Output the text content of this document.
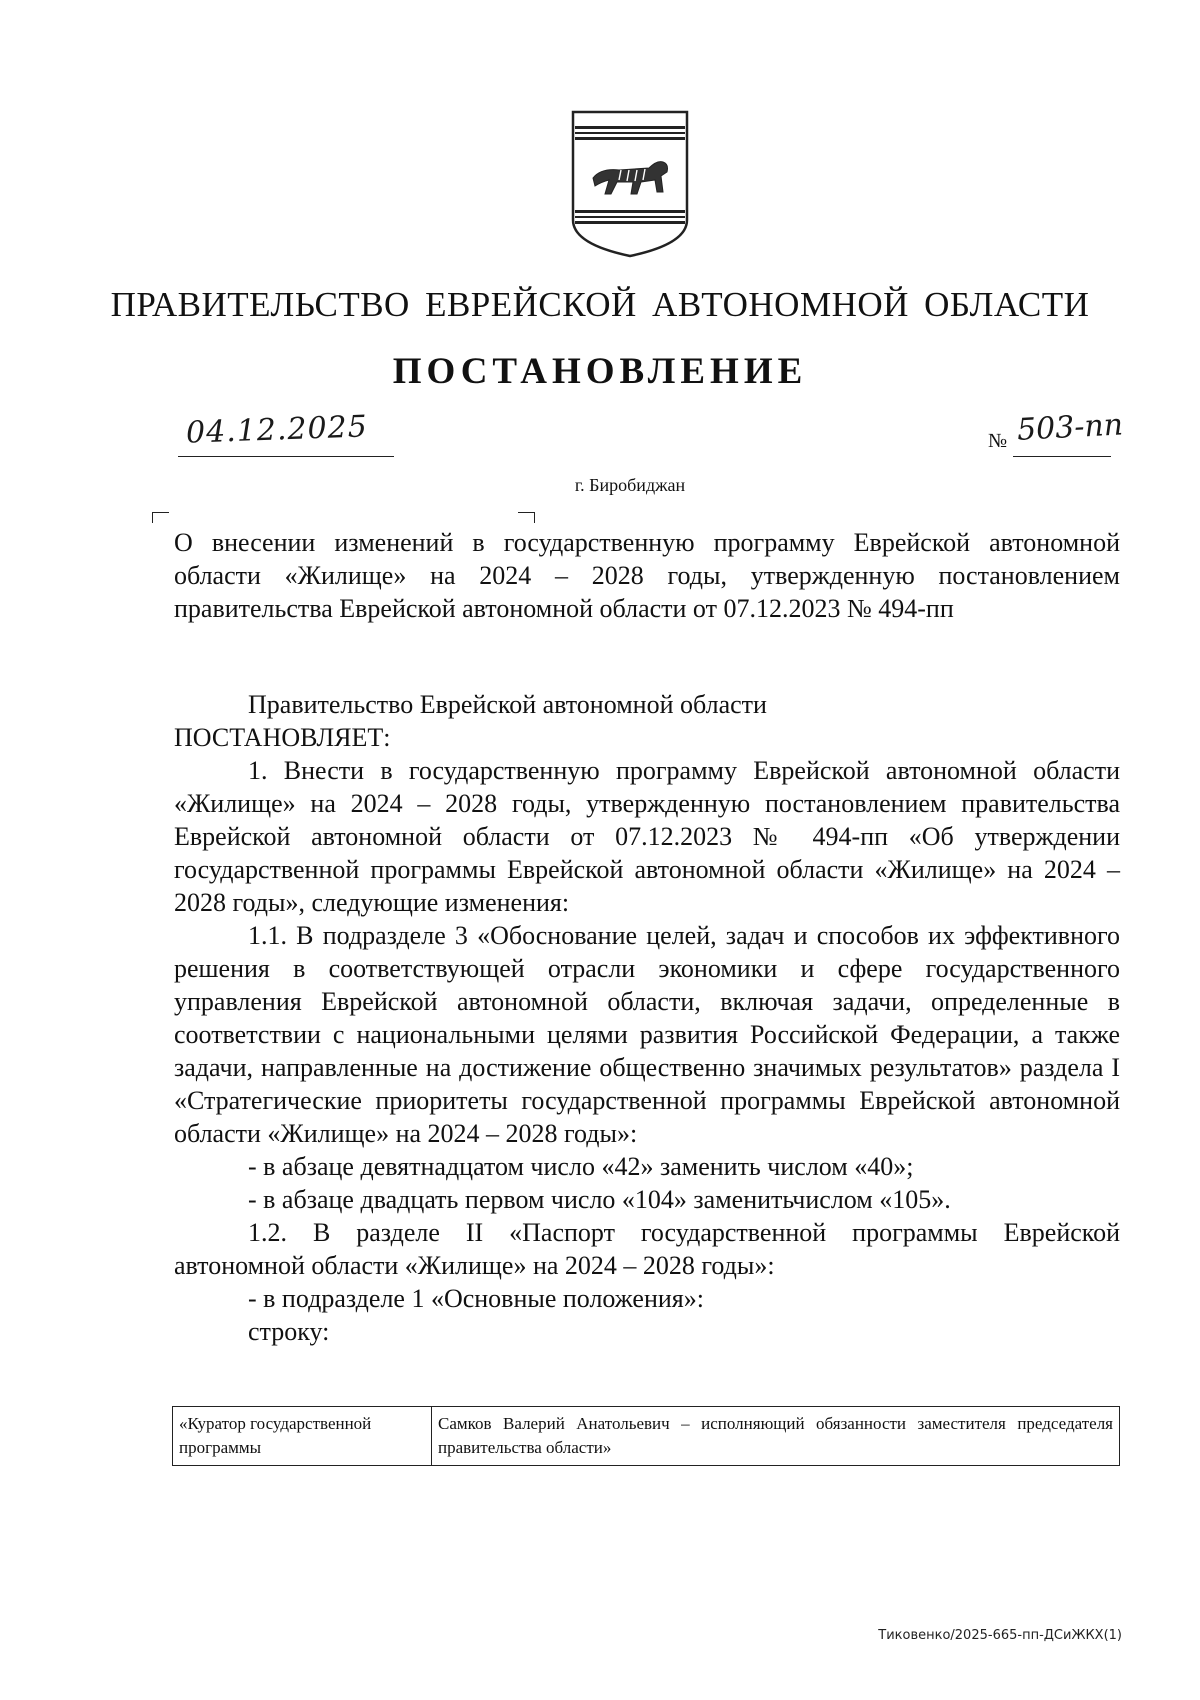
ПРАВИТЕЛЬСТВО ЕВРЕЙСКОЙ АВТОНОМНОЙ ОБЛАСТИ
ПОСТАНОВЛЕНИЕ
04.12.2025	№ 503-пп
г. Биробиджан
О внесении изменений в государственную программу Еврейской автономной области «Жилище» на 2024 – 2028 годы, утвержденную постановлением правительства Еврейской автономной области от 07.12.2023 № 494-пп

Правительство Еврейской автономной области

ПОСТАНОВЛЯЕТ:

1. Внести в государственную программу Еврейской автономной области «Жилище» на 2024 – 2028 годы, утвержденную постановлением правительства Еврейской автономной области от 07.12.2023 № 494-пп «Об утверждении государственной программы Еврейской автономной области «Жилище» на 2024 – 2028 годы», следующие изменения:

1.1. В подразделе 3 «Обоснование целей, задач и способов их эффективного решения в соответствующей отрасли экономики и сфере государственного управления Еврейской автономной области, включая задачи, определенные в соответствии с национальными целями развития Российской Федерации, а также задачи, направленные на достижение общественно значимых результатов» раздела I «Стратегические приоритеты государственной программы Еврейской автономной области «Жилище» на 2024 – 2028 годы»:

- в абзаце девятнадцатом число «42» заменить числом «40»;

- в абзаце двадцать первом число «104» заменитьчислом «105».

1.2. В разделе II «Паспорт государственной программы Еврейской автономной области «Жилище» на 2024 – 2028 годы»:

- в подразделе 1 «Основные положения»:

строку:

«Куратор государственной программы	Самков Валерий Анатольевич – исполняющий обязанности заместителя председателя правительства области»
Тиковенко/2025-665-пп-ДСиЖКХ(1)
